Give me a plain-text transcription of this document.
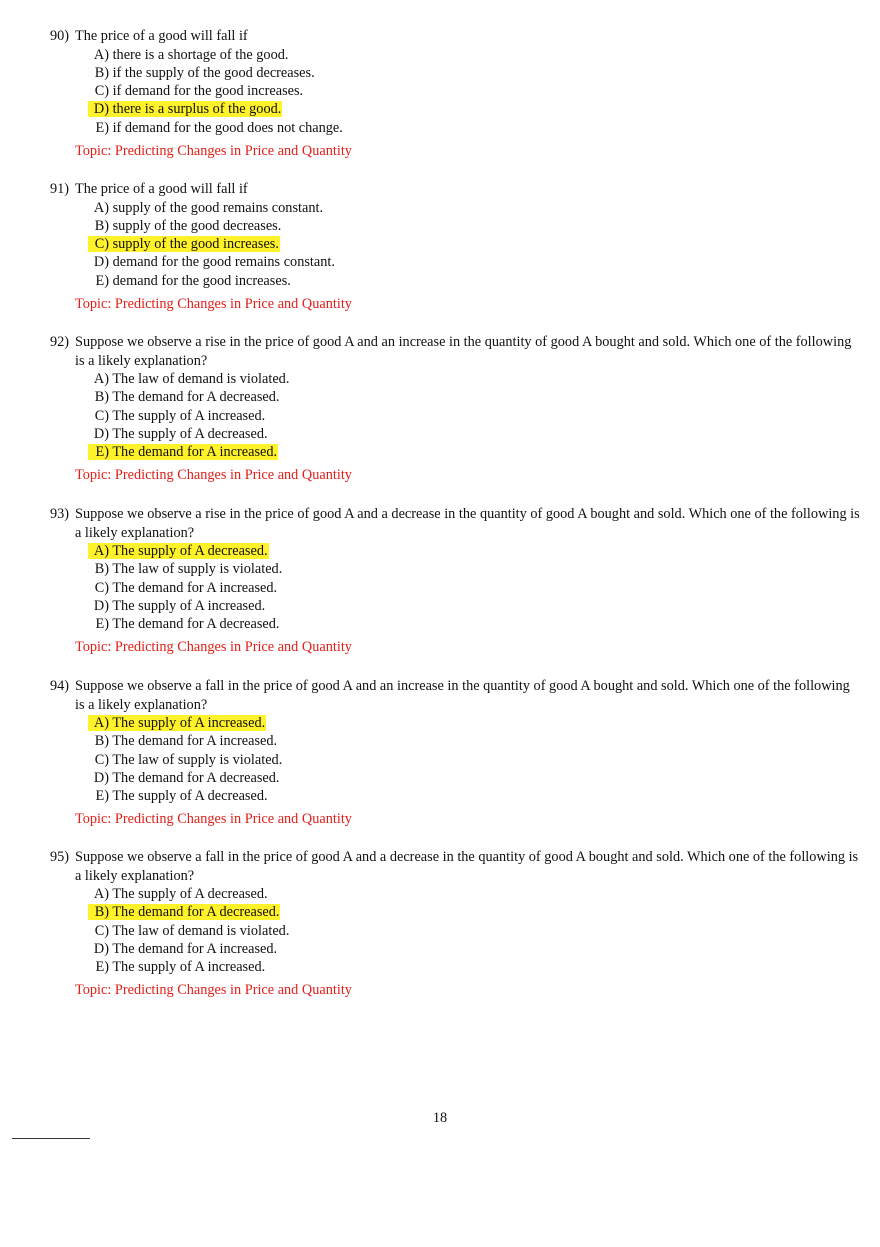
90) The price of a good will fall if
A) there is a shortage of the good.
B) if the supply of the good decreases.
C) if demand for the good increases.
D) there is a surplus of the good.
E) if demand for the good does not change.
Topic: Predicting Changes in Price and Quantity
91) The price of a good will fall if
A) supply of the good remains constant.
B) supply of the good decreases.
C) supply of the good increases.
D) demand for the good remains constant.
E) demand for the good increases.
Topic: Predicting Changes in Price and Quantity
92) Suppose we observe a rise in the price of good A and an increase in the quantity of good A bought and sold. Which one of the following is a likely explanation?
A) The law of demand is violated.
B) The demand for A decreased.
C) The supply of A increased.
D) The supply of A decreased.
E) The demand for A increased.
Topic: Predicting Changes in Price and Quantity
93) Suppose we observe a rise in the price of good A and a decrease in the quantity of good A bought and sold. Which one of the following is a likely explanation?
A) The supply of A decreased.
B) The law of supply is violated.
C) The demand for A increased.
D) The supply of A increased.
E) The demand for A decreased.
Topic: Predicting Changes in Price and Quantity
94) Suppose we observe a fall in the price of good A and an increase in the quantity of good A bought and sold. Which one of the following is a likely explanation?
A) The supply of A increased.
B) The demand for A increased.
C) The law of supply is violated.
D) The demand for A decreased.
E) The supply of A decreased.
Topic: Predicting Changes in Price and Quantity
95) Suppose we observe a fall in the price of good A and a decrease in the quantity of good A bought and sold. Which one of the following is a likely explanation?
A) The supply of A decreased.
B) The demand for A decreased.
C) The law of demand is violated.
D) The demand for A increased.
E) The supply of A increased.
Topic: Predicting Changes in Price and Quantity
18
